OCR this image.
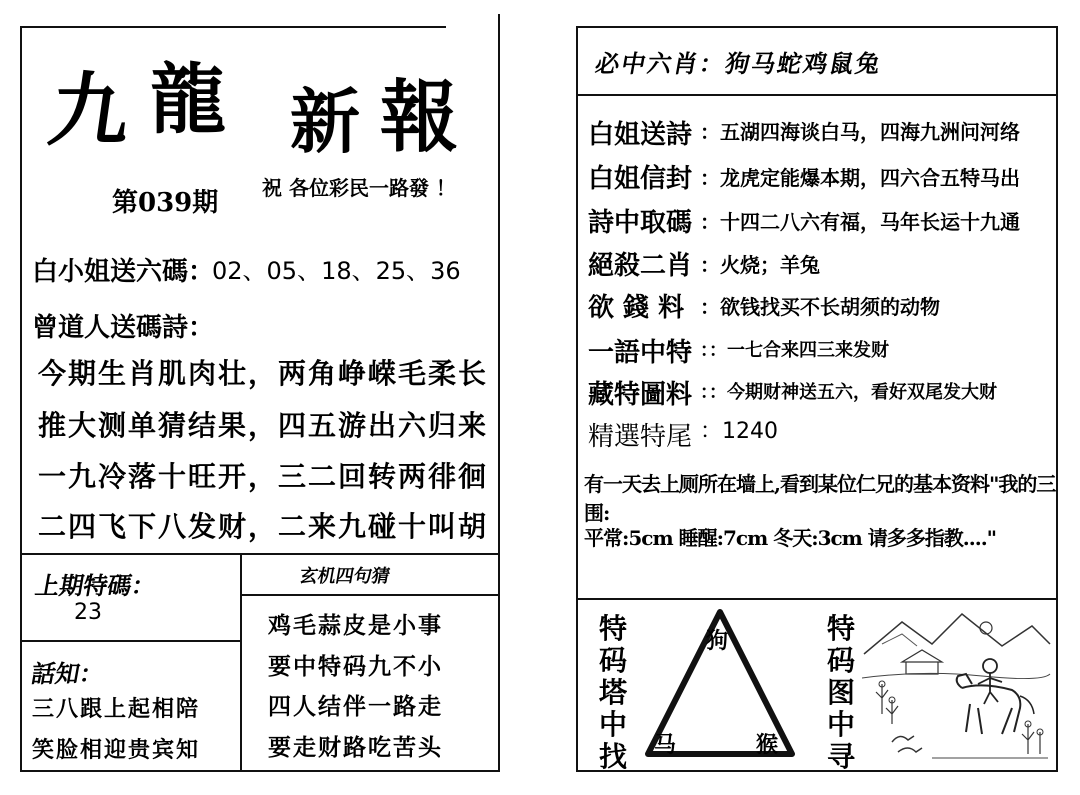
九 龍 新 報
第039期 祝 各位彩民一路發 ！
白小姐送六碼：
02、05、18、25、36
曾道人送碼詩：
今期生肖肌肉壮，两角峥嵘毛柔长
推大测单猜结果，四五游出六归来
一九冷落十旺开，三二回转两徘徊
二四飞下八发财，二来九碰十叫胡
上期特碼：
23
玄机四句猜
鸡毛蒜皮是小事
要中特码九不小
四人结伴一路走
要走财路吃苦头
話知：
三八跟上起相陪
笑脸相迎贵宾知
必中六肖：狗马蛇鸡鼠兔
白姐送詩 ：五湖四海谈白马，四海九洲问河络
白姐信封 ：龙虎定能爆本期，四六合五特马出
詩中取碼 ：十四二八六有福，马年长运十九通
絕殺二肖 ：火烧；羊兔
欲 錢 料 ：欲钱找买不长胡须的动物
一語中特 ：：一七合来四三来发财
藏特圖料 ：：今期财神送五六，看好双尾发大财
精選特尾 ：1240
有一天去上厕所在墙上,看到某位仁兄的基本资料"我的三围:
平常:5cm 睡醒:7cm 冬天:3cm 请多多指教...."
特
码
塔
中
找
狗
马	猴
特
码
图
中
寻
